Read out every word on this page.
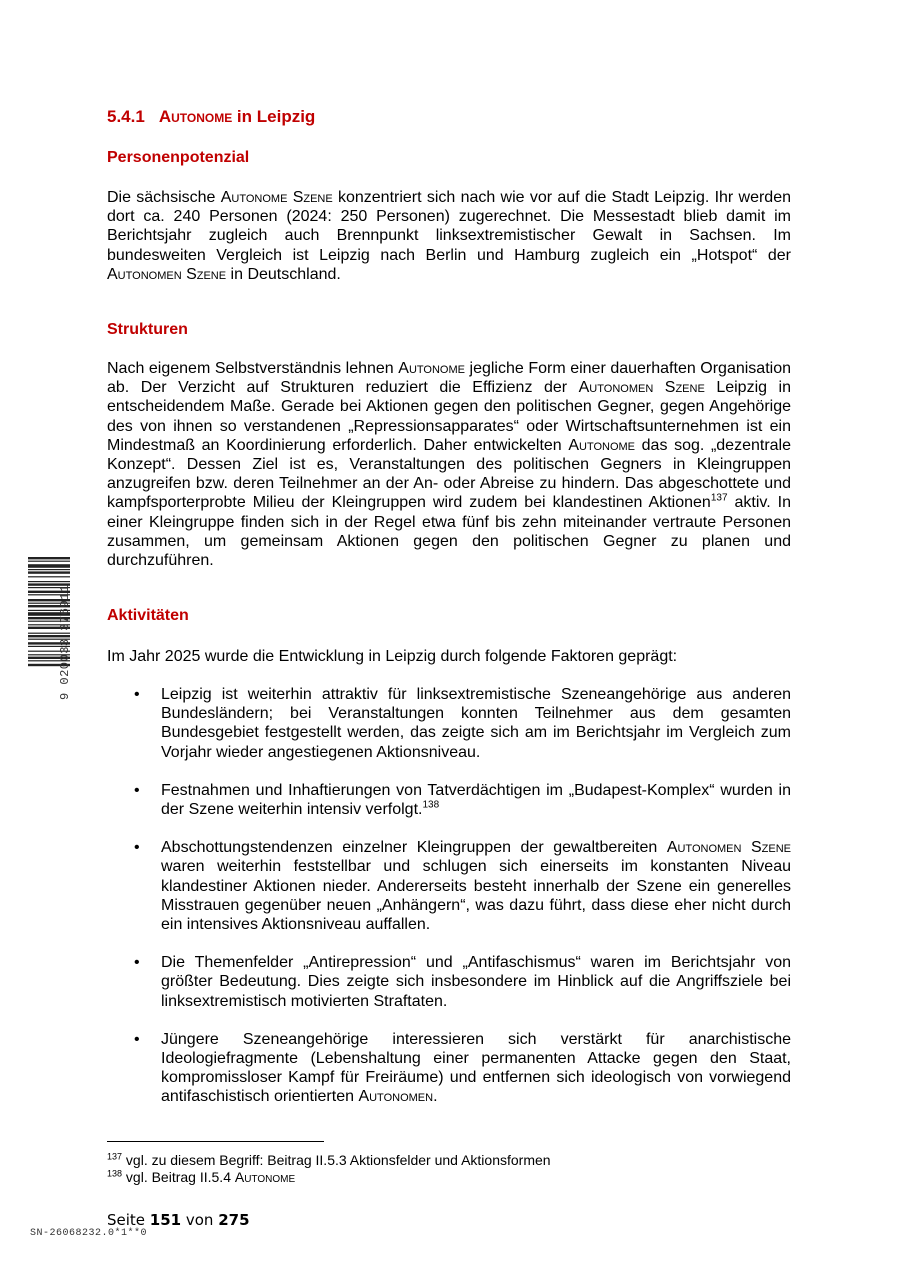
5.4.1 Autonome in Leipzig
Personenpotenzial

Die sächsische Autonome Szene konzentriert sich nach wie vor auf die Stadt Leipzig. Ihr werden dort ca. 240 Personen (2024: 250 Personen) zugerechnet. Die Messestadt blieb damit im Berichtsjahr zugleich auch Brennpunkt linksextremistischer Gewalt in Sachsen. Im bundesweiten Vergleich ist Leipzig nach Berlin und Hamburg zugleich ein „Hotspot“ der Autonomen Szene in Deutschland.

Strukturen

Nach eigenem Selbstverständnis lehnen Autonome jegliche Form einer dauerhaften Organisation ab. Der Verzicht auf Strukturen reduziert die Effizienz der Autonomen Szene Leipzig in entscheidendem Maße. Gerade bei Aktionen gegen den politischen Gegner, gegen Angehörige des von ihnen so verstandenen „Repressionsapparates“ oder Wirtschaftsunternehmen ist ein Mindestmaß an Koordinierung erforderlich. Daher entwickelten Autonome das sog. „dezentrale Konzept“. Dessen Ziel ist es, Veranstaltungen des politischen Gegners in Kleingruppen anzugreifen bzw. deren Teilnehmer an der An- oder Abreise zu hindern. Das abgeschottete und kampfsporterprobte Milieu der Kleingruppen wird zudem bei klandestinen Aktionen$^{137}$ aktiv. In einer Kleingruppe finden sich in der Regel etwa fünf bis zehn miteinander vertraute Personen zusammen, um gemeinsam Aktionen gegen den politischen Gegner zu planen und durchzuführen.

Aktivitäten

Im Jahr 2025 wurde die Entwicklung in Leipzig durch folgende Faktoren geprägt:

• Leipzig ist weiterhin attraktiv für linksextremistische Szeneangehörige aus anderen Bundesländern; bei Veranstaltungen konnten Teilnehmer aus dem gesamten Bundesgebiet festgestellt werden, das zeigte sich am im Berichtsjahr im Vergleich zum Vorjahr wieder angestiegenen Aktionsniveau.
• Festnahmen und Inhaftierungen von Tatverdächtigen im „Budapest-Komplex“ wurden in der Szene weiterhin intensiv verfolgt.$^{138}$
• Abschottungstendenzen einzelner Kleingruppen der gewaltbereiten Autonomen Szene waren weiterhin feststellbar und schlugen sich einerseits im konstanten Niveau klandestiner Aktionen nieder. Andererseits besteht innerhalb der Szene ein generelles Misstrauen gegenüber neuen „Anhängern“, was dazu führt, dass diese eher nicht durch ein intensives Aktionsniveau auffallen.
• Die Themenfelder „Antirepression“ und „Antifaschismus“ waren im Berichtsjahr von größter Bedeutung. Dies zeigte sich insbesondere im Hinblick auf die Angriffsziele bei linksextremistisch motivierten Straftaten.
• Jüngere Szeneangehörige interessieren sich verstärkt für anarchistische Ideologiefragmente (Lebenshaltung einer permanenten Attacke gegen den Staat, kompromissloser Kampf für Freiräume) und entfernen sich ideologisch von vorwiegend antifaschistisch orientierten Autonomen.
$^{137}$ vgl. zu diesem Begriff: Beitrag II.5.3 Aktionsfelder und Aktionsformen
$^{138}$ vgl. Beitrag II.5.4 Autonome
Seite 151 von 275
SN-26068232.0*1**0
9 020033 376911
